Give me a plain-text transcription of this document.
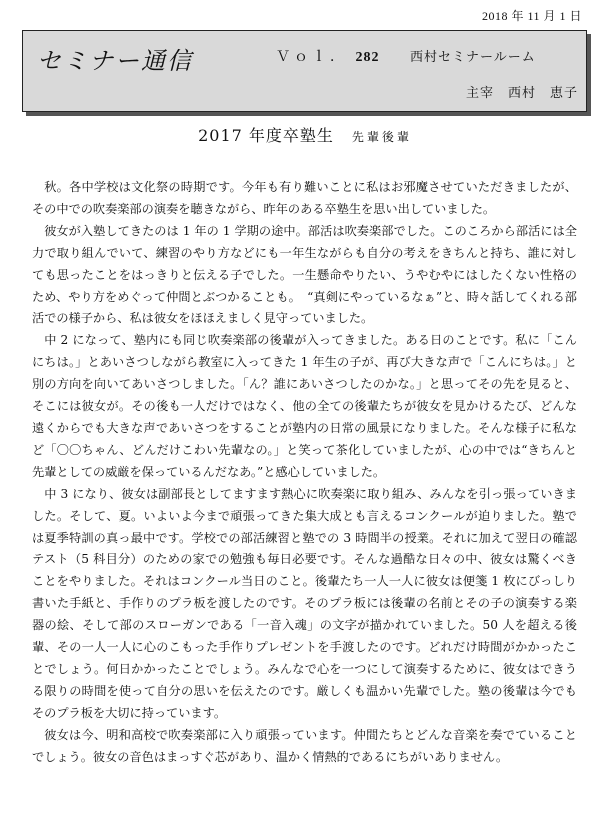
2018 年 11 月 1 日
セミナー通信	Ｖｏｌ． 282 西村セミナールーム
主宰　西村　恵子
2017 年度卒塾生 先輩後輩

秋。各中学校は文化祭の時期です。今年も有り難いことに私はお邪魔させていただきましたが、その中での吹奏楽部の演奏を聴きながら、昨年のある卒塾生を思い出していました。

彼女が入塾してきたのは 1 年の 1 学期の途中。部活は吹奏楽部でした。このころから部活には全力で取り組んでいて、練習のやり方などにも一年生ながらも自分の考えをきちんと持ち、誰に対しても思ったことをはっきりと伝える子でした。一生懸命やりたい、うやむやにはしたくない性格のため、やり方をめぐって仲間とぶつかることも。　“真剣にやっているなぁ”と、時々話してくれる部活での様子から、私は彼女をほほえましく見守っていました。

中 2 になって、塾内にも同じ吹奏楽部の後輩が入ってきました。ある日のことです。私に「こんにちは。」とあいさつしながら教室に入ってきた 1 年生の子が、再び大きな声で「こんにちは。」と別の方向を向いてあいさつしました。「ん？誰にあいさつしたのかな。」と思ってその先を見ると、そこには彼女が。その後も一人だけではなく、他の全ての後輩たちが彼女を見かけるたび、どんな遠くからでも大きな声であいさつをすることが塾内の日常の風景になりました。そんな様子に私など「〇〇ちゃん、どんだけこわい先輩なの。」と笑って茶化していましたが、心の中では“きちんと先輩としての威厳を保っているんだなあ。”と感心していました。

中 3 になり、彼女は副部長としてますます熱心に吹奏楽に取り組み、みんなを引っ張っていきました。そして、夏。いよいよ今まで頑張ってきた集大成とも言えるコンクールが迫りました。塾では夏季特訓の真っ最中です。学校での部活練習と塾での 3 時間半の授業。それに加えて翌日の確認テスト（5 科目分）のための家での勉強も毎日必要です。そんな過酷な日々の中、彼女は驚くべきことをやりました。それはコンクール当日のこと。後輩たち一人一人に彼女は便箋 1 枚にびっしり書いた手紙と、手作りのプラ板を渡したのです。そのプラ板には後輩の名前とその子の演奏する楽器の絵、そして部のスローガンである「一音入魂」の文字が描かれていました。50 人を超える後輩、その一人一人に心のこもった手作りプレゼントを手渡したのです。どれだけ時間がかかったことでしょう。何日かかったことでしょう。みんなで心を一つにして演奏するために、彼女はできうる限りの時間を使って自分の思いを伝えたのです。厳しくも温かい先輩でした。塾の後輩は今でもそのプラ板を大切に持っています。

彼女は今、明和高校で吹奏楽部に入り頑張っています。仲間たちとどんな音楽を奏でていることでしょう。彼女の音色はまっすぐ芯があり、温かく情熱的であるにちがいありません。
